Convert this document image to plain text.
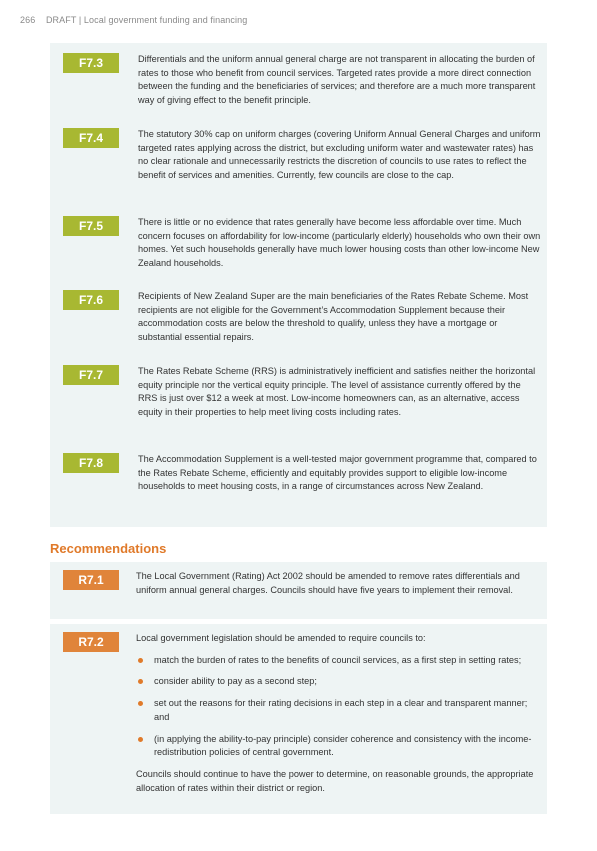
266 DRAFT | Local government funding and financing
F7.3	Differentials and the uniform annual general charge are not transparent in allocating the burden of rates to those who benefit from council services. Targeted rates provide a more direct connection between the funding and the beneficiaries of services; and therefore are a much more transparent way of giving effect to the benefit principle.
F7.4	The statutory 30% cap on uniform charges (covering Uniform Annual General Charges and uniform targeted rates applying across the district, but excluding uniform water and wastewater rates) has no clear rationale and unnecessarily restricts the discretion of councils to use rates to reflect the benefit of services and amenities. Currently, few councils are close to the cap.
F7.5	There is little or no evidence that rates generally have become less affordable over time. Much concern focuses on affordability for low-income (particularly elderly) households who own their own homes. Yet such households generally have much lower housing costs than other low-income New Zealand households.
F7.6	Recipients of New Zealand Super are the main beneficiaries of the Rates Rebate Scheme. Most recipients are not eligible for the Government’s Accommodation Supplement because their accommodation costs are below the threshold to qualify, unless they have a mortgage or substantial essential repairs.
F7.7	The Rates Rebate Scheme (RRS) is administratively inefficient and satisfies neither the horizontal equity principle nor the vertical equity principle. The level of assistance currently offered by the RRS is just over $12 a week at most. Low-income homeowners can, as an alternative, access equity in their properties to help meet living costs including rates.
F7.8	The Accommodation Supplement is a well-tested major government programme that, compared to the Rates Rebate Scheme, efficiently and equitably provides support to eligible low-income households to meet housing costs, in a range of circumstances across New Zealand.
Recommendations
R7.1	The Local Government (Rating) Act 2002 should be amended to remove rates differentials and uniform annual general charges. Councils should have five years to implement their removal.
R7.2	Local government legislation should be amended to require councils to:

match the burden of rates to the benefits of council services, as a first step in setting rates;
consider ability to pay as a second step;
set out the reasons for their rating decisions in each step in a clear and transparent manner; and
(in applying the ability-to-pay principle) consider coherence and consistency with the income-redistribution policies of central government.

Councils should continue to have the power to determine, on reasonable grounds, the appropriate allocation of rates within their district or region.
